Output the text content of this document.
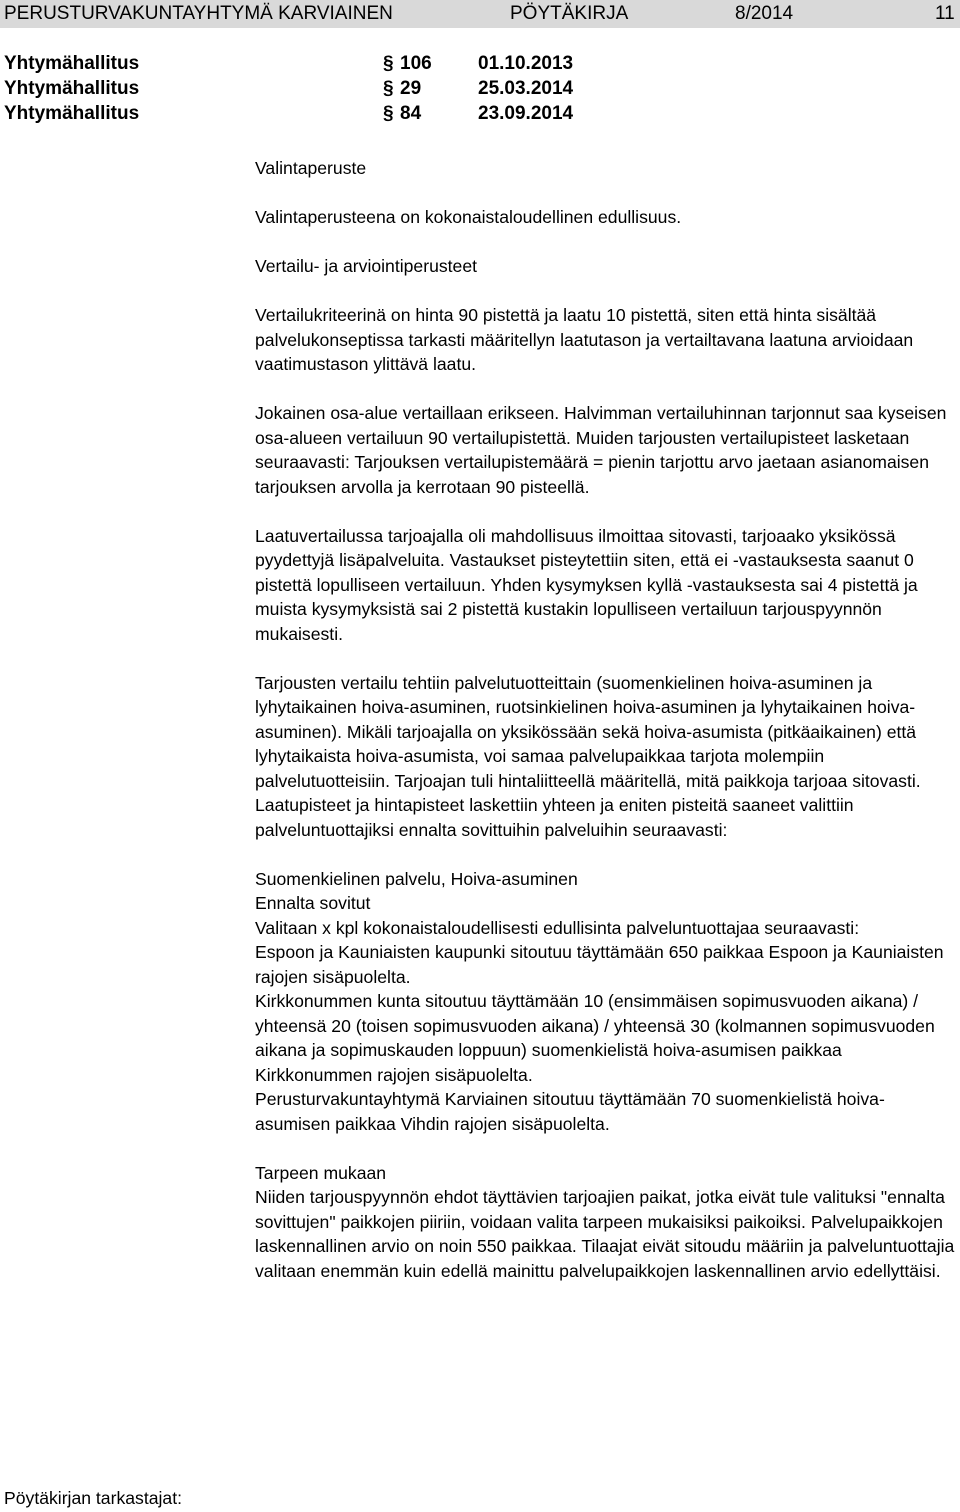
PERUSTURVAKUNTAYHTYMÄ KARVIAINEN	PÖYTÄKIRJA	8/2014	11
Yhtymähallitus	§ 106 01.10.2013
Yhtymähallitus	§ 29	25.03.2014
Yhtymähallitus	§ 84	23.09.2014

Valintaperuste

Valintaperusteena on kokonaistaloudellinen edullisuus.

Vertailu- ja arviointiperusteet

Vertailukriteerinä on hinta 90 pistettä ja laatu 10 pistettä, siten että hinta sisältää palvelukonseptissa tarkasti määritellyn laatutason ja vertailtavana laatuna arvioidaan vaatimustason ylittävä laatu.

Jokainen osa-alue vertaillaan erikseen. Halvimman vertailuhinnan tarjonnut saa kyseisen osa-alueen vertailuun 90 vertailupistettä. Muiden tarjousten vertailupisteet lasketaan seuraavasti: Tarjouksen vertailupistemäärä = pienin tarjottu arvo jaetaan asianomaisen tarjouksen arvolla ja kerrotaan 90 pisteellä.

Laatuvertailussa tarjoajalla oli mahdollisuus ilmoittaa sitovasti, tarjoaako yksikössä pyydettyjä lisäpalveluita. Vastaukset pisteytettiin siten, että ei -vastauksesta saanut 0 pistettä lopulliseen vertailuun. Yhden kysymyksen kyllä -vastauksesta sai 4 pistettä ja muista kysymyksistä sai 2 pistettä kustakin lopulliseen vertailuun tarjouspyynnön mukaisesti.

Tarjousten vertailu tehtiin palvelutuotteittain (suomenkielinen hoiva-asuminen ja lyhytaikainen hoiva-asuminen, ruotsinkielinen hoiva-asuminen ja lyhytaikainen hoiva-asuminen). Mikäli tarjoajalla on yksikössään sekä hoiva-asumista (pitkäaikainen) että lyhytaikaista hoiva-asumista, voi samaa palvelupaikkaa tarjota molempiin palvelutuotteisiin. Tarjoajan tuli hintaliitteellä määritellä, mitä paikkoja tarjoaa sitovasti. Laatupisteet ja hintapisteet laskettiin yhteen ja eniten pisteitä saaneet valittiin palveluntuottajiksi ennalta sovittuihin palveluihin seuraavasti:

Suomenkielinen palvelu, Hoiva-asuminen

Ennalta sovitut

Valitaan x kpl kokonaistaloudellisesti edullisinta palveluntuottajaa seuraavasti:

Espoon ja Kauniaisten kaupunki sitoutuu täyttämään 650 paikkaa Espoon ja Kauniaisten rajojen sisäpuolelta.

Kirkkonummen kunta sitoutuu täyttämään 10 (ensimmäisen sopimusvuoden aikana) / yhteensä 20 (toisen sopimusvuoden aikana) / yhteensä 30 (kolmannen sopimusvuoden aikana ja sopimuskauden loppuun) suomenkielistä hoiva-asumisen paikkaa Kirkkonummen rajojen sisäpuolelta.

Perusturvakuntayhtymä Karviainen sitoutuu täyttämään 70 suomenkielistä hoiva-asumisen paikkaa Vihdin rajojen sisäpuolelta.

Tarpeen mukaan

Niiden tarjouspyynnön ehdot täyttävien tarjoajien paikat, jotka eivät tule valituksi "ennalta sovittujen" paikkojen piiriin, voidaan valita tarpeen mukaisiksi paikoiksi. Palvelupaikkojen laskennallinen arvio on noin 550 paikkaa. Tilaajat eivät sitoudu määriin ja palveluntuottajia valitaan enemmän kuin edellä mainittu palvelupaikkojen laskennallinen arvio edellyttäisi.

Pöytäkirjan tarkastajat:
